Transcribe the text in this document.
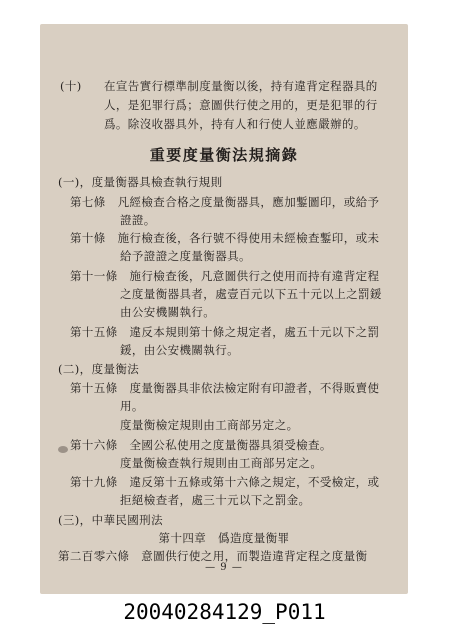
(十) 在宣告實行標準制度量衡以後，持有違背定程器具的
人，是犯罪行爲；意圖供行使之用的，更是犯罪的行
爲。除沒收器具外，持有人和行使人並應嚴辦的。
重要度量衡法規摘錄
(一)，度量衡器具檢查執行規則
第七條　凡經檢查合格之度量衡器具，應加鏨圖印，或給予
證證。
第十條　施行檢查後，各行號不得使用未經檢查鏨印，或未
給予證證之度量衡器具。
第十一條　施行檢查後，凡意圖供行之使用而持有違背定程
之度量衡器具者，處壹百元以下五十元以上之罰鍰
由公安機關執行。
第十五條　違反本規則第十條之規定者，處五十元以下之罰
鍰，由公安機關執行。
(二)，度量衡法
第十五條　度量衡器具非依法檢定附有印證者，不得販賣使
用。
度量衡檢定規則由工商部另定之。
第十六條　全國公私使用之度量衡器具須受檢查。
度量衡檢查執行規則由工商部另定之。
第十九條　違反第十五條或第十六條之規定，不受檢定，或
拒絕檢查者，處三十元以下之罰金。
(三)，中華民國刑法
第十四章　僞造度量衡罪
第二百零六條　意圖供行使之用，而製造違背定程之度量衡
— 9 —
20040284129_P011
